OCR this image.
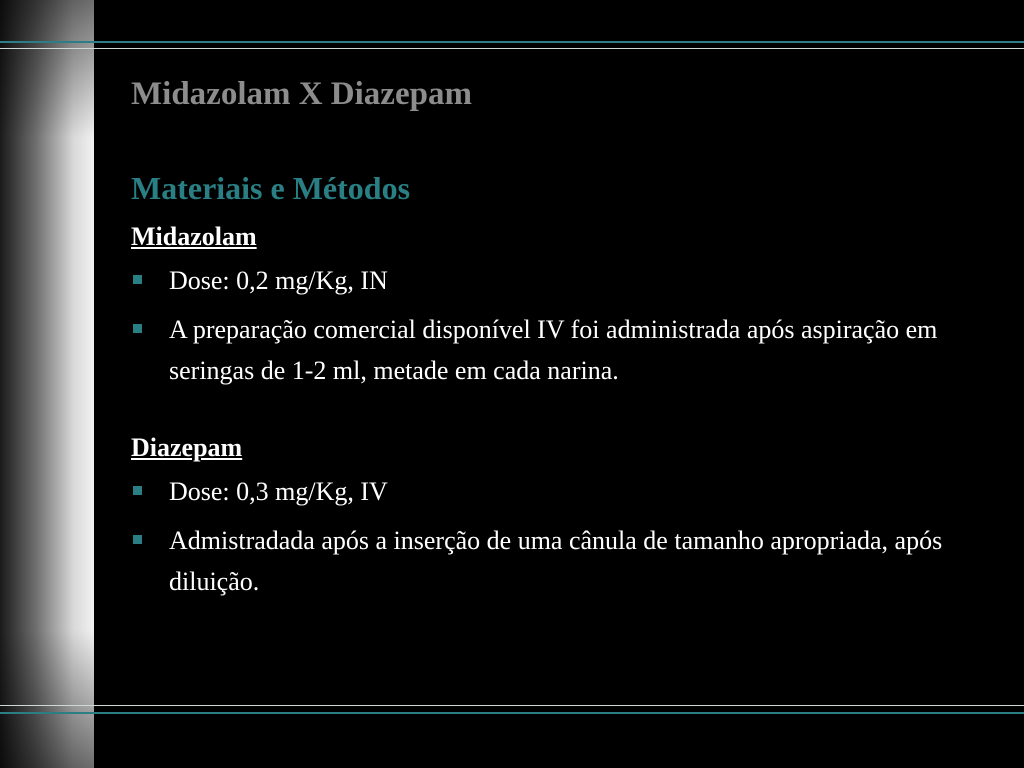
Midazolam X Diazepam
Materiais e Métodos
Midazolam
Dose: 0,2 mg/Kg, IN
A preparação comercial disponível IV foi administrada após aspiração em seringas de 1-2 ml, metade em cada narina.
Diazepam
Dose: 0,3 mg/Kg, IV
Admistradada após a inserção de uma cânula de tamanho apropriada, após diluição.
